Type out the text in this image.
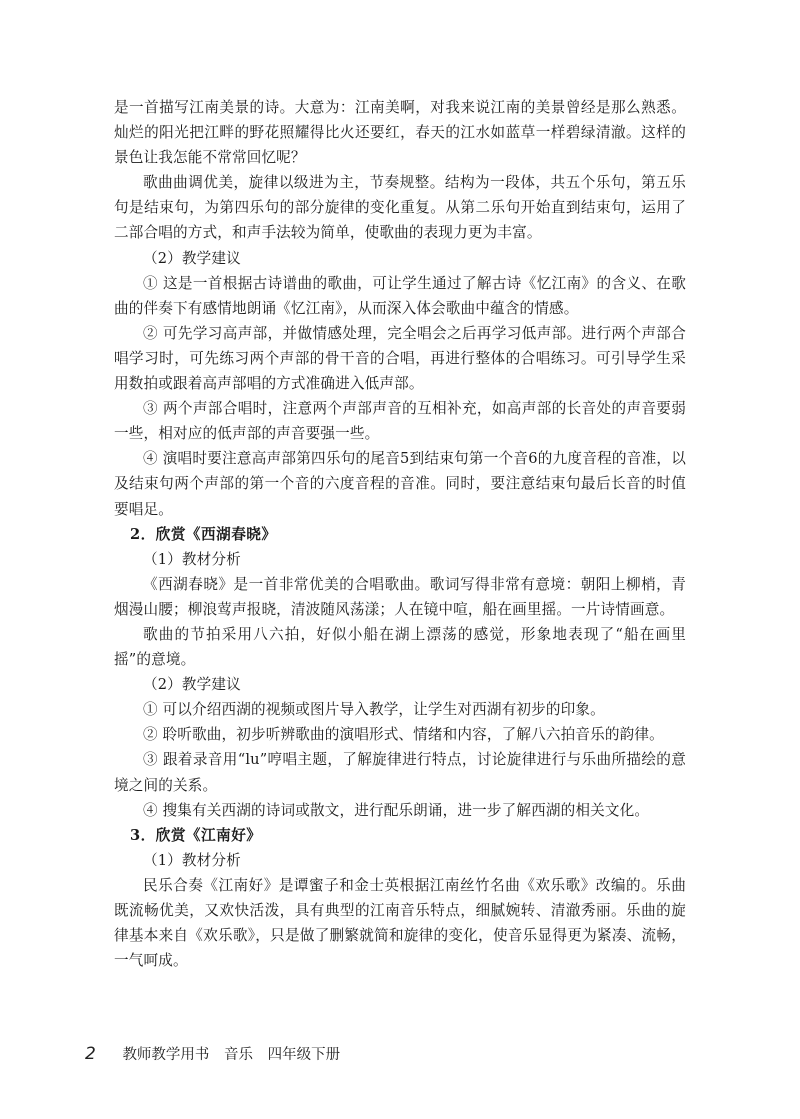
是一首描写江南美景的诗。大意为：江南美啊，对我来说江南的美景曾经是那么熟悉。灿烂的阳光把江畔的野花照耀得比火还要红，春天的江水如蓝草一样碧绿清澈。这样的景色让我怎能不常常回忆呢？

歌曲曲调优美，旋律以级进为主，节奏规整。结构为一段体，共五个乐句，第五乐句是结束句，为第四乐句的部分旋律的变化重复。从第二乐句开始直到结束句，运用了二部合唱的方式，和声手法较为简单，使歌曲的表现力更为丰富。

（2）教学建议

① 这是一首根据古诗谱曲的歌曲，可让学生通过了解古诗《忆江南》的含义、在歌曲的伴奏下有感情地朗诵《忆江南》，从而深入体会歌曲中蕴含的情感。

② 可先学习高声部，并做情感处理，完全唱会之后再学习低声部。进行两个声部合唱学习时，可先练习两个声部的骨干音的合唱，再进行整体的合唱练习。可引导学生采用数拍或跟着高声部唱的方式准确进入低声部。

③ 两个声部合唱时，注意两个声部声音的互相补充，如高声部的长音处的声音要弱一些，相对应的低声部的声音要强一些。

④ 演唱时要注意高声部第四乐句的尾音5到结束句第一个音6的九度音程的音准，以及结束句两个声部的第一个音的六度音程的音准。同时，要注意结束句最后长音的时值要唱足。

2．欣赏《西湖春晓》

（1）教材分析

《西湖春晓》是一首非常优美的合唱歌曲。歌词写得非常有意境：朝阳上柳梢，青烟漫山腰；柳浪莺声报晓，清波随风荡漾；人在镜中喧，船在画里摇。一片诗情画意。

歌曲的节拍采用八六拍，好似小船在湖上漂荡的感觉，形象地表现了“船在画里摇”的意境。

（2）教学建议

① 可以介绍西湖的视频或图片导入教学，让学生对西湖有初步的印象。

② 聆听歌曲，初步听辨歌曲的演唱形式、情绪和内容，了解八六拍音乐的韵律。

③ 跟着录音用“lu”哼唱主题，了解旋律进行特点，讨论旋律进行与乐曲所描绘的意境之间的关系。

④ 搜集有关西湖的诗词或散文，进行配乐朗诵，进一步了解西湖的相关文化。

3．欣赏《江南好》

（1）教材分析

民乐合奏《江南好》是谭蜜子和金士英根据江南丝竹名曲《欢乐歌》改编的。乐曲既流畅优美，又欢快活泼，具有典型的江南音乐特点，细腻婉转、清澈秀丽。乐曲的旋律基本来自《欢乐歌》，只是做了删繁就简和旋律的变化，使音乐显得更为紧凑、流畅，一气呵成。

2 教师教学用书 音乐 四年级下册
